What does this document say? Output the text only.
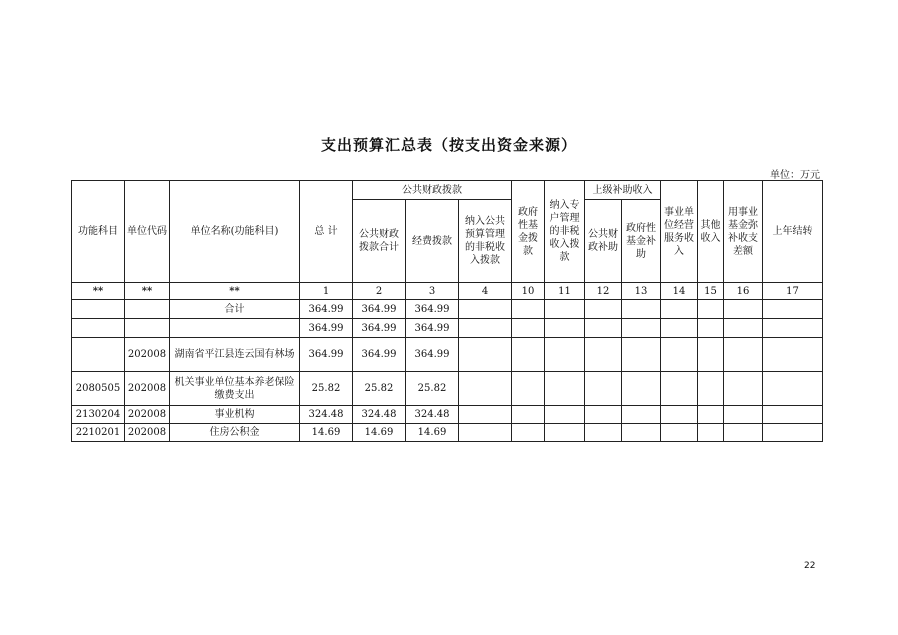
支出预算汇总表（按支出资金来源）
单位：万元
功能科目	单位代码	单位名称(功能科目)	总 计	公共财政拨款			政府性基金拨款	纳入专户管理的非税收入拨款	上级补助收入		事业单位经营服务收入	其他收入	用事业基金弥补收支差额	上年结转
				公共财政拨款合计	经费拨款	纳入公共预算管理的非税收入拨款								
									公共财政补助	政府性基金补助				
**	**	**	1	2	3	4	10	11	12	13	14	15	16	17
		合计	364.99	364.99	364.99									
			364.99	364.99	364.99									
	202008	湖南省平江县连云国有林场	364.99	364.99	364.99									
2080505	202008	机关事业单位基本养老保险缴费支出	25.82	25.82	25.82									
2130204	202008	事业机构	324.48	324.48	324.48									
2210201	202008	住房公积金	14.69	14.69	14.69									
22
